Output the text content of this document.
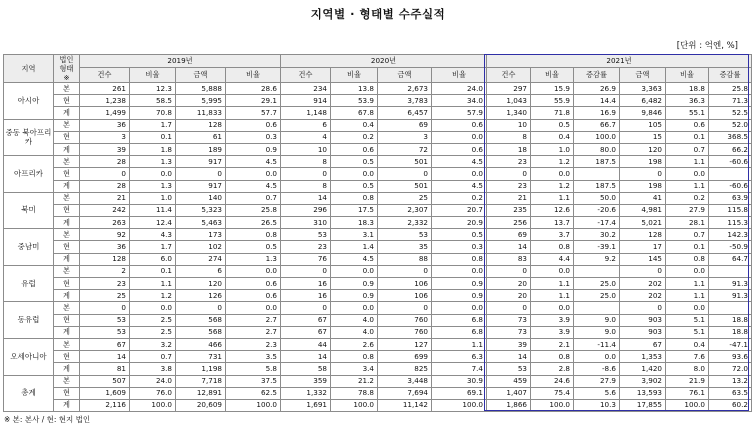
지역별 · 형태별 수주실적
[단위 : 억엔, %]
지역	법인 형태※	2019년				2020년				2021년					
		건수	비율	금액	비율	건수	비율	금액	비율	건수	비율	증감률	금액	비율	증감률
아시아	본	261	12.3	5,888	28.6	234	13.8	2,673	24.0	297	15.9	26.9	3,363	18.8	25.8
	현	1,238	58.5	5,995	29.1	914	53.9	3,783	34.0	1,043	55.9	14.4	6,482	36.3	71.3
	계	1,499	70.8	11,833	57.7	1,148	67.8	6,457	57.9	1,340	71.8	16.9	9,846	55.1	52.5
중동 북아프리카	본	36	1.7	128	0.6	6	0.4	69	0.6	10	0.5	66.7	105	0.6	52.0
	현	3	0.1	61	0.3	4	0.2	3	0.0	8	0.4	100.0	15	0.1	368.5
	계	39	1.8	189	0.9	10	0.6	72	0.6	18	1.0	80.0	120	0.7	66.2
아프리카	본	28	1.3	917	4.5	8	0.5	501	4.5	23	1.2	187.5	198	1.1	-60.6
	현	0	0.0	0	0.0	0	0.0	0	0.0	0	0.0		0	0.0	
	계	28	1.3	917	4.5	8	0.5	501	4.5	23	1.2	187.5	198	1.1	-60.6
북미	본	21	1.0	140	0.7	14	0.8	25	0.2	21	1.1	50.0	41	0.2	63.9
	현	242	11.4	5,323	25.8	296	17.5	2,307	20.7	235	12.6	-20.6	4,981	27.9	115.8
	계	263	12.4	5,463	26.5	310	18.3	2,332	20.9	256	13.7	-17.4	5,021	28.1	115.3
중남미	본	92	4.3	173	0.8	53	3.1	53	0.5	69	3.7	30.2	128	0.7	142.3
	현	36	1.7	102	0.5	23	1.4	35	0.3	14	0.8	-39.1	17	0.1	-50.9
	계	128	6.0	274	1.3	76	4.5	88	0.8	83	4.4	9.2	145	0.8	64.7
유럽	본	2	0.1	6	0.0	0	0.0	0	0.0	0	0.0		0	0.0	
	현	23	1.1	120	0.6	16	0.9	106	0.9	20	1.1	25.0	202	1.1	91.3
	계	25	1.2	126	0.6	16	0.9	106	0.9	20	1.1	25.0	202	1.1	91.3
동유럽	본	0	0.0	0	0.0	0	0.0	0	0.0	0	0.0		0	0.0	
	현	53	2.5	568	2.7	67	4.0	760	6.8	73	3.9	9.0	903	5.1	18.8
	계	53	2.5	568	2.7	67	4.0	760	6.8	73	3.9	9.0	903	5.1	18.8
오세아니아	본	67	3.2	466	2.3	44	2.6	127	1.1	39	2.1	-11.4	67	0.4	-47.1
	현	14	0.7	731	3.5	14	0.8	699	6.3	14	0.8	0.0	1,353	7.6	93.6
	계	81	3.8	1,198	5.8	58	3.4	825	7.4	53	2.8	-8.6	1,420	8.0	72.0
총계	본	507	24.0	7,718	37.5	359	21.2	3,448	30.9	459	24.6	27.9	3,902	21.9	13.2
	현	1,609	76.0	12,891	62.5	1,332	78.8	7,694	69.1	1,407	75.4	5.6	13,593	76.1	63.5
	계	2,116	100.0	20,609	100.0	1,691	100.0	11,142	100.0	1,866	100.0	10.3	17,855	100.0	60.2
※ 본: 본사 / 현: 현지 법인
